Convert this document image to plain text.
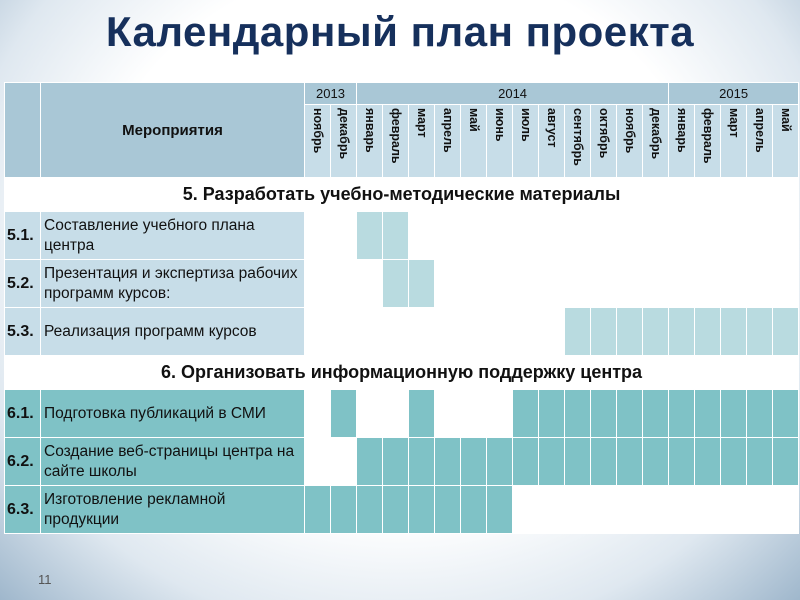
Календарный план проекта
	Мероприятия	2013		2014												2015				
		ноябрь	декабрь	январь	февраль	март	апрель	май	июнь	июль	август	сентябрь	октябрь	ноябрь	декабрь	январь	февраль	март	апрель	май
5. Разработать учебно-методические материалы																				
5.1.	Составление учебного плана центра																			
5.2.	Презентация и экспертиза рабочих программ курсов:																			
5.3.	Реализация программ курсов																			
6. Организовать информационную поддержку центра																				
6.1.	Подготовка публикаций в СМИ																			
6.2.	Создание веб-страницы центра на сайте школы																			
6.3.	Изготовление рекламной продукции																			
11
